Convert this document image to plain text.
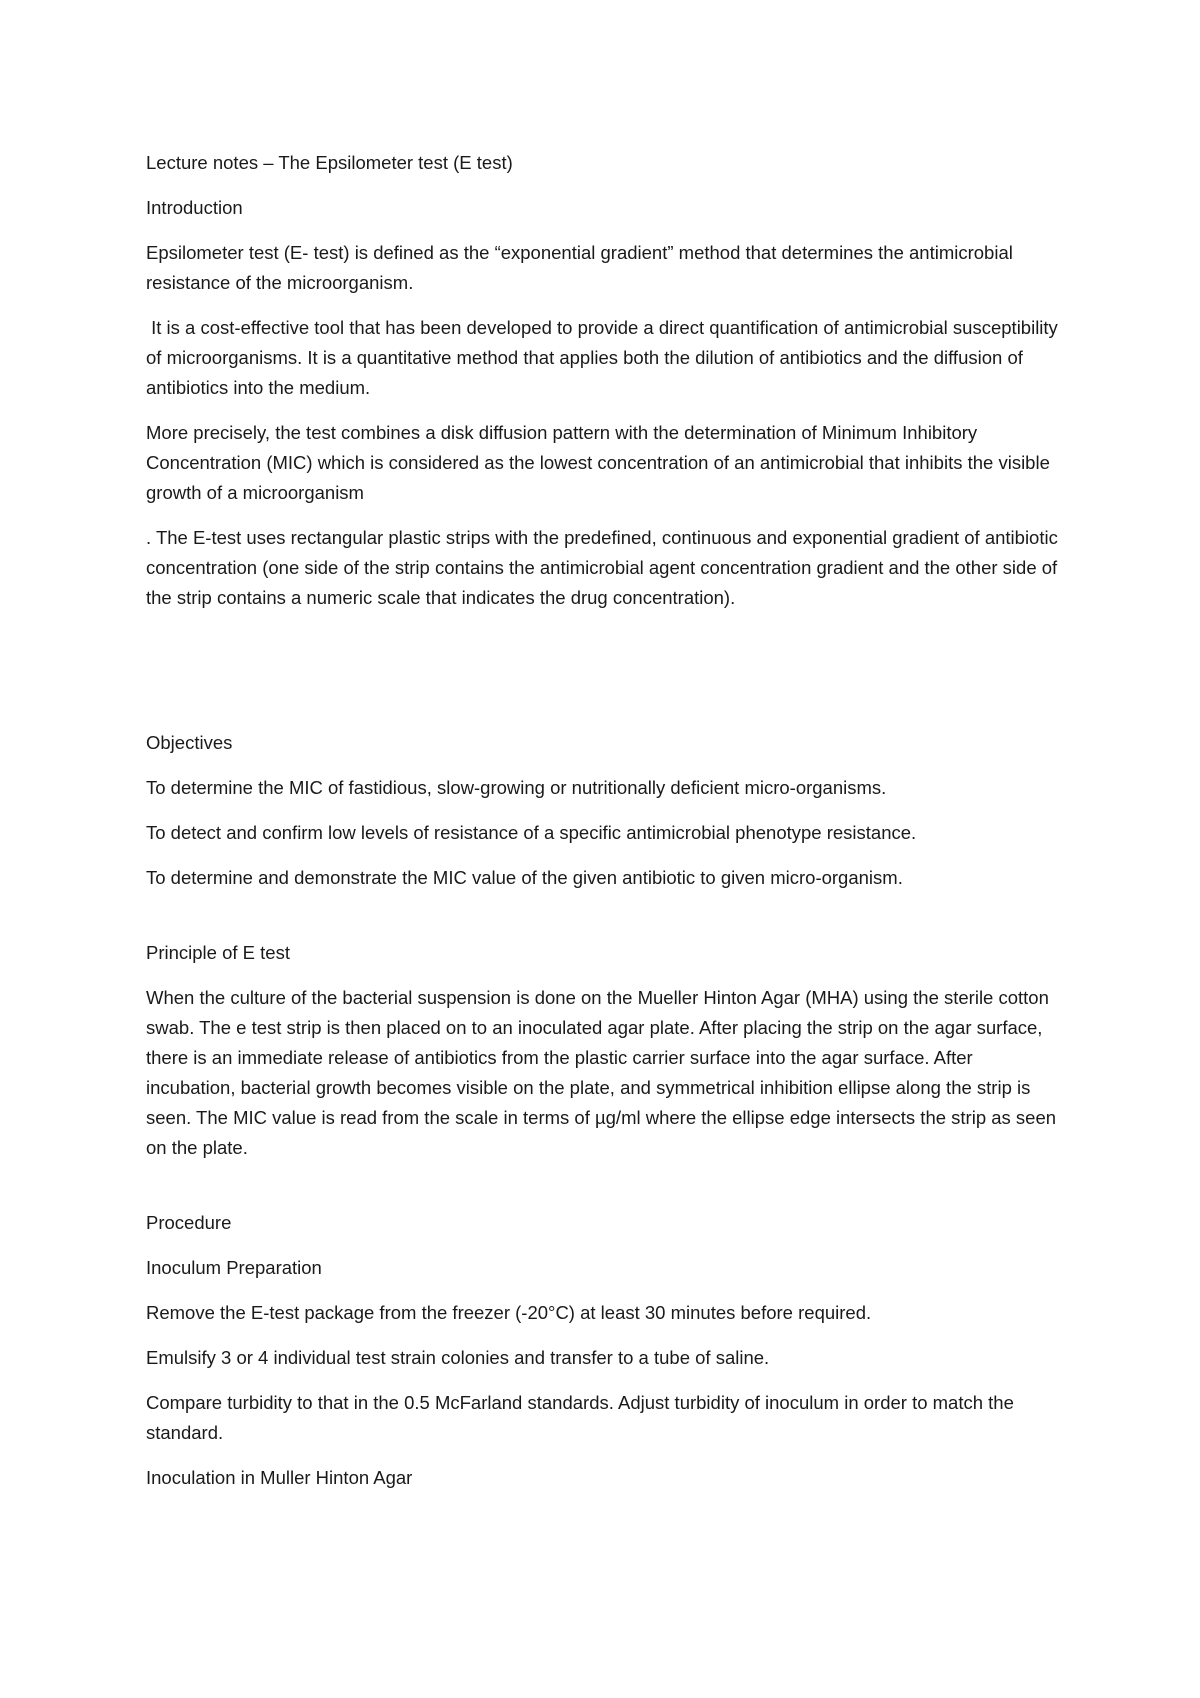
Lecture notes – The Epsilometer test (E test)

Introduction

Epsilometer test (E- test) is defined as the “exponential gradient” method that determines the antimicrobial resistance of the microorganism.

It is a cost-effective tool that has been developed to provide a direct quantification of antimicrobial susceptibility of microorganisms. It is a quantitative method that applies both the dilution of antibiotics and the diffusion of antibiotics into the medium.

More precisely, the test combines a disk diffusion pattern with the determination of Minimum Inhibitory Concentration (MIC) which is considered as the lowest concentration of an antimicrobial that inhibits the visible growth of a microorganism

. The E-test uses rectangular plastic strips with the predefined, continuous and exponential gradient of antibiotic concentration (one side of the strip contains the antimicrobial agent concentration gradient and the other side of the strip contains a numeric scale that indicates the drug concentration).

Objectives

To determine the MIC of fastidious, slow-growing or nutritionally deficient micro-organisms.

To detect and confirm low levels of resistance of a specific antimicrobial phenotype resistance.

To determine and demonstrate the MIC value of the given antibiotic to given micro-organism.

Principle of E test

When the culture of the bacterial suspension is done on the Mueller Hinton Agar (MHA) using the sterile cotton swab. The e test strip is then placed on to an inoculated agar plate. After placing the strip on the agar surface, there is an immediate release of antibiotics from the plastic carrier surface into the agar surface. After incubation, bacterial growth becomes visible on the plate, and symmetrical inhibition ellipse along the strip is seen. The MIC value is read from the scale in terms of µg/ml where the ellipse edge intersects the strip as seen on the plate.

Procedure

Inoculum Preparation

Remove the E-test package from the freezer (-20°C) at least 30 minutes before required.

Emulsify 3 or 4 individual test strain colonies and transfer to a tube of saline.

Compare turbidity to that in the 0.5 McFarland standards. Adjust turbidity of inoculum in order to match the standard.

Inoculation in Muller Hinton Agar
